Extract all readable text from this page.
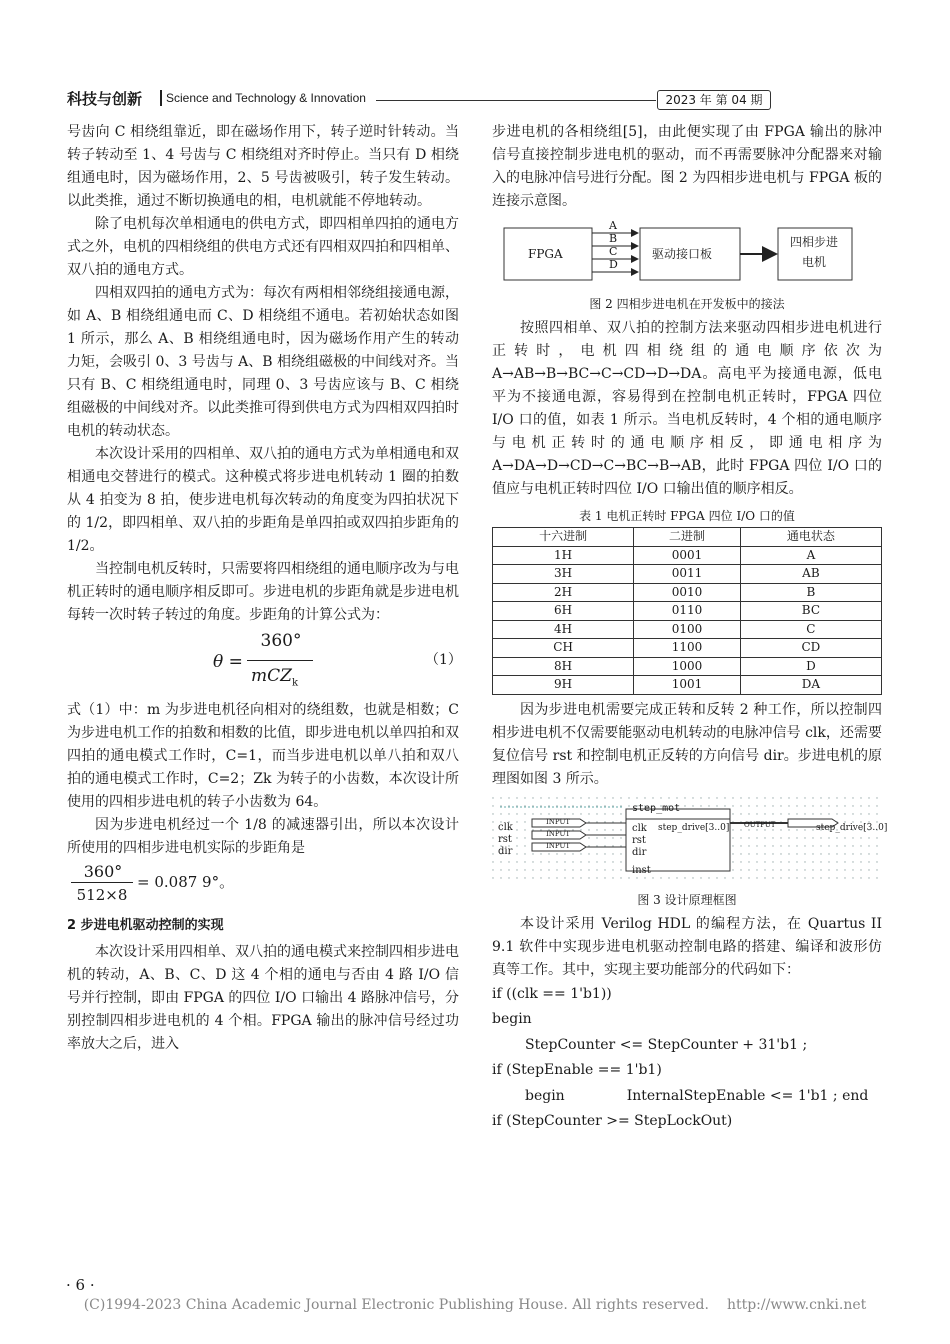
科技与创新 Science and Technology & Innovation	2023 年 第 04 期

号齿向 C 相绕组靠近，即在磁场作用下，转子逆时针转动。当转子转动至 1、4 号齿与 C 相绕组对齐时停止。当只有 D 相绕组通电时，因为磁场作用，2、5 号齿被吸引，转子发生转动。以此类推，通过不断切换通电的相，电机就能不停地转动。

除了电机每次单相通电的供电方式，即四相单四拍的通电方式之外，电机的四相绕组的供电方式还有四相双四拍和四相单、双八拍的通电方式。

四相双四拍的通电方式为：每次有两相相邻绕组接通电源，如 A、B 相绕组通电而 C、D 相绕组不通电。若初始状态如图 1 所示，那么 A、B 相绕组通电时，因为磁场作用产生的转动力矩，会吸引 0、3 号齿与 A、B 相绕组磁极的中间线对齐。当只有 B、C 相绕组通电时，同理 0、3 号齿应该与 B、C 相绕组磁极的中间线对齐。以此类推可得到供电方式为四相双四拍时电机的转动状态。

本次设计采用的四相单、双八拍的通电方式为单相通电和双相通电交替进行的模式。这种模式将步进电机转动 1 圈的拍数从 4 拍变为 8 拍，使步进电机每次转动的角度变为四拍状况下的 1/2，即四相单、双八拍的步距角是单四拍或双四拍步距角的 1/2。

当控制电机反转时，只需要将四相绕组的通电顺序改为与电机正转时的通电顺序相反即可。步进电机的步距角就是步进电机每转一次时转子转过的角度。步距角的计算公式为：

θ =
360°
mCZ$_k$
（1）

式（1）中：m 为步进电机径向相对的绕组数，也就是相数；C 为步进电机工作的拍数和相数的比值，即步进电机以单四拍和双四拍的通电模式工作时，C=1，而当步进电机以单八拍和双八拍的通电模式工作时，C=2；Zk 为转子的小齿数，本次设计所使用的四相步进电机的转子小齿数为 64。

因为步进电机经过一个 1/8 的减速器引出，所以本次设计所使用的四相步进电机实际的步距角是

360°
512×8
= 0.087 9°。
2 步进电机驱动控制的实现

本次设计采用四相单、双八拍的通电模式来控制四相步进电机的转动，A、B、C、D 这 4 个相的通电与否由 4 路 I/O 信号并行控制，即由 FPGA 的四位 I/O 口输出 4 路脉冲信号，分别控制四相步进电机的 4 个相。FPGA 输出的脉冲信号经过功率放大之后，进入

步进电机的各相绕组[5]，由此便实现了由 FPGA 输出的脉冲信号直接控制步进电机的驱动，而不再需要脉冲分配器来对输入的电脉冲信号进行分配。图 2 为四相步进电机与 FPGA 板的连接示意图。

FPGA
A
B
C
D
驱动接口板
四相步进
电机
图 2 四相步进电机在开发板中的接法

按照四相单、双八拍的控制方法来驱动四相步进电机进行正转时，电机四相绕组的通电顺序依次为 A→AB→B→BC→C→CD→D→DA。高电平为接通电源，低电平为不接通电源，容易得到在控制电机正转时，FPGA 四位 I/O 口的值，如表 1 所示。当电机反转时，4 个相的通电顺序与电机正转时的通电顺序相反，即通电相序为 A→DA→D→CD→C→BC→B→AB，此时 FPGA 四位 I/O 口的值应与电机正转时四位 I/O 口输出值的顺序相反。

表 1 电机正转时 FPGA 四位 I/O 口的值
十六进制	二进制	通电状态
1H	0001	A
3H	0011	AB
2H	0010	B
6H	0110	BC
4H	0100	C
CH	1100	CD
8H	1000	D
9H	1001	DA

因为步进电机需要完成正转和反转 2 种工作，所以控制四相步进电机不仅需要能驱动电机转动的电脉冲信号 clk，还需要复位信号 rst 和控制电机正反转的方向信号 dir。步进电机的原理图如图 3 所示。

step_mot
clk
rst
dir
INPUT
INPUT
INPUT
clk
rst
dir
step_drive[3..0] OUTPUT	step_drive[3..0]
inst
图 3 设计原理框图

本设计采用 Verilog HDL 的编程方法，在 Quartus II 9.1 软件中实现步进电机驱动控制电路的搭建、编译和波形仿真等工作。其中，实现主要功能部分的代码如下：

if ((clk == 1'b1))

begin

StepCounter <= StepCounter + 31'b1 ;

if (StepEnable == 1'b1)

begin	InternalStepEnable <= 1'b1 ; end

if (StepCounter >= StepLockOut)

· 6 ·
(C)1994-2023 China Academic Journal Electronic Publishing House. All rights reserved. http://www.cnki.net
